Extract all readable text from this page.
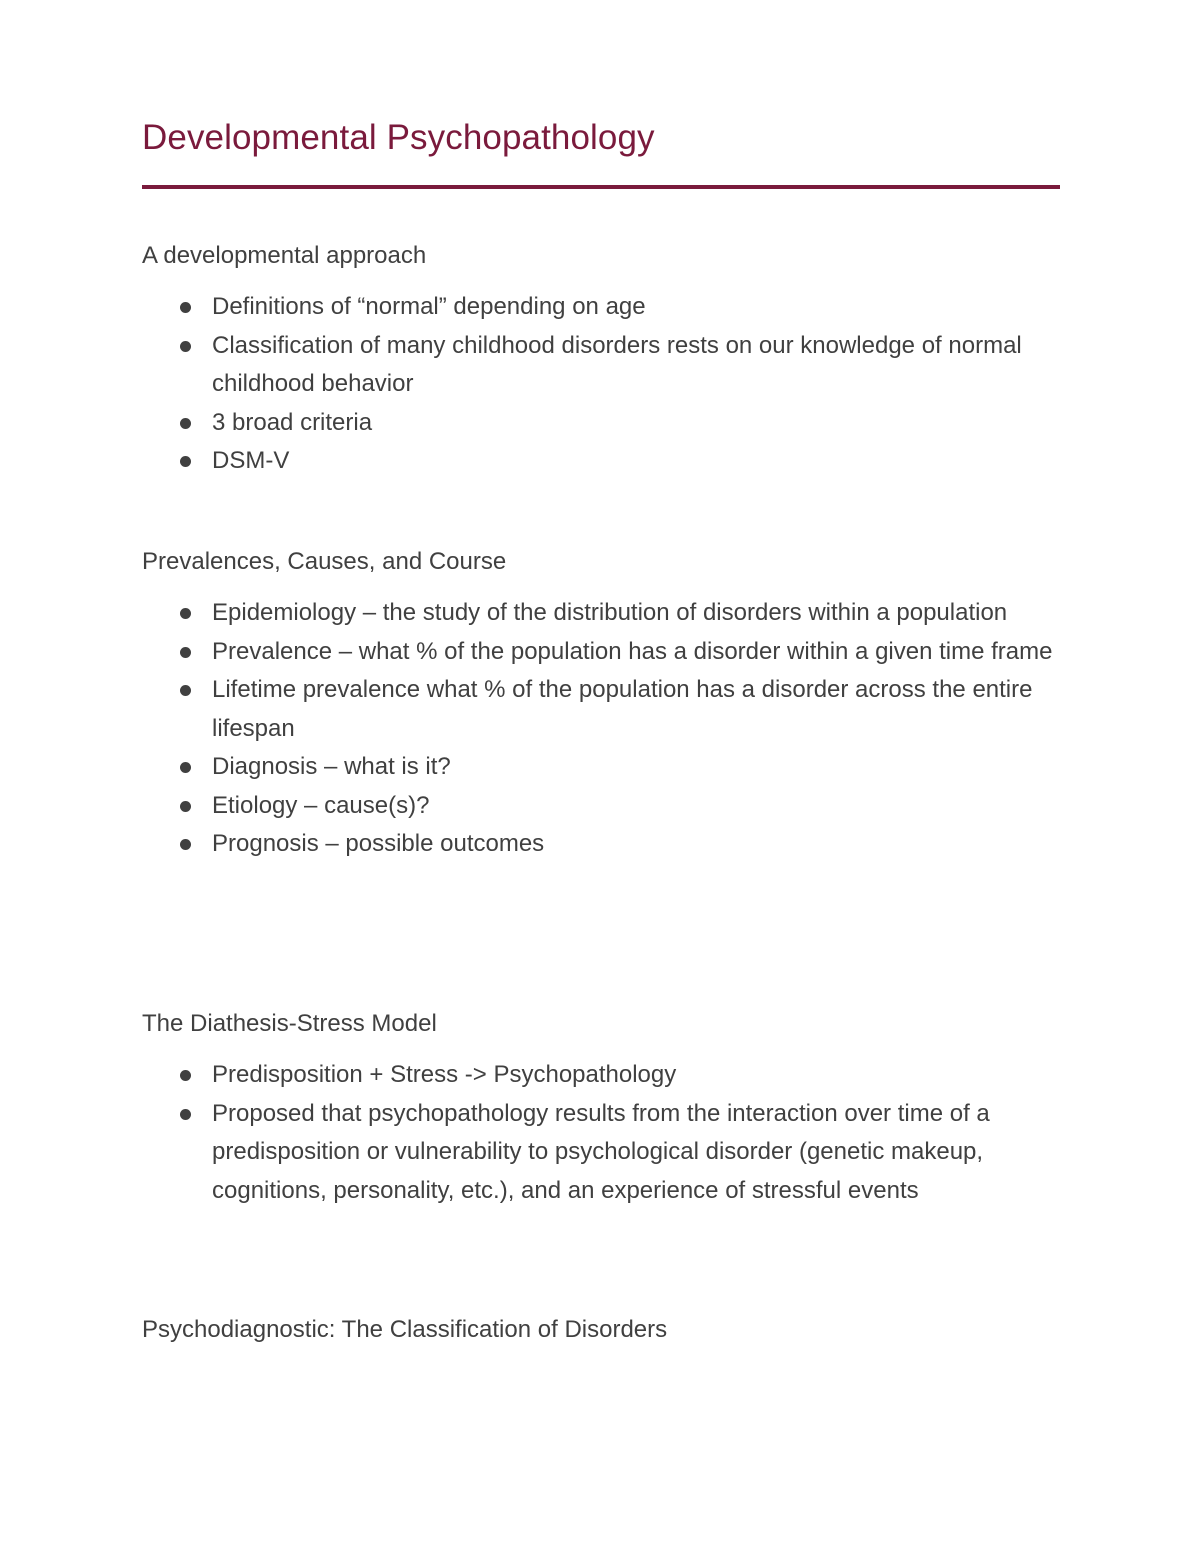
Developmental Psychopathology
A developmental approach
Definitions of “normal” depending on age
Classification of many childhood disorders rests on our knowledge of normal childhood behavior
3 broad criteria
DSM-V
Prevalences, Causes, and Course
Epidemiology – the study of the distribution of disorders within a population
Prevalence – what % of the population has a disorder within a given time frame
Lifetime prevalence what % of the population has a disorder across the entire lifespan
Diagnosis – what is it?
Etiology – cause(s)?
Prognosis – possible outcomes
The Diathesis-Stress Model
Predisposition + Stress -> Psychopathology
Proposed that psychopathology results from the interaction over time of a predisposition or vulnerability to psychological disorder (genetic makeup, cognitions, personality, etc.), and an experience of stressful events
Psychodiagnostic: The Classification of Disorders
